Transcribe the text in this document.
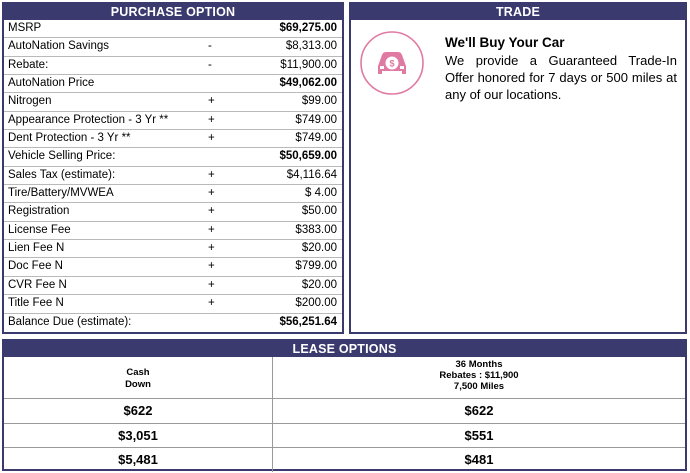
PURCHASE OPTION
MSRP	$69,275.00
AutoNation Savings	-	$8,313.00
Rebate:	-	$11,900.00
AutoNation Price	$49,062.00
Nitrogen	+	$99.00
Appearance Protection - 3 Yr **	+	$749.00
Dent Protection - 3 Yr **	+	$749.00
Vehicle Selling Price:	$50,659.00
Sales Tax (estimate):	+	$4,116.64
Tire/Battery/MVWEA	+	$ 4.00
Registration	+	$50.00
License Fee	+	$383.00
Lien Fee N	+	$20.00
Doc Fee N	+	$799.00
CVR Fee N	+	$20.00
Title Fee N	+	$200.00
Balance Due (estimate):	$56,251.64
TRADE
$
We'll Buy Your Car
We provide a Guaranteed Trade-In Offer honored for 7 days or 500 miles at any of our locations.
LEASE OPTIONS
Cash
Down
36 Months
Rebates : $11,900
7,500 Miles
$622	$622
$3,051	$551
$5,481	$481
